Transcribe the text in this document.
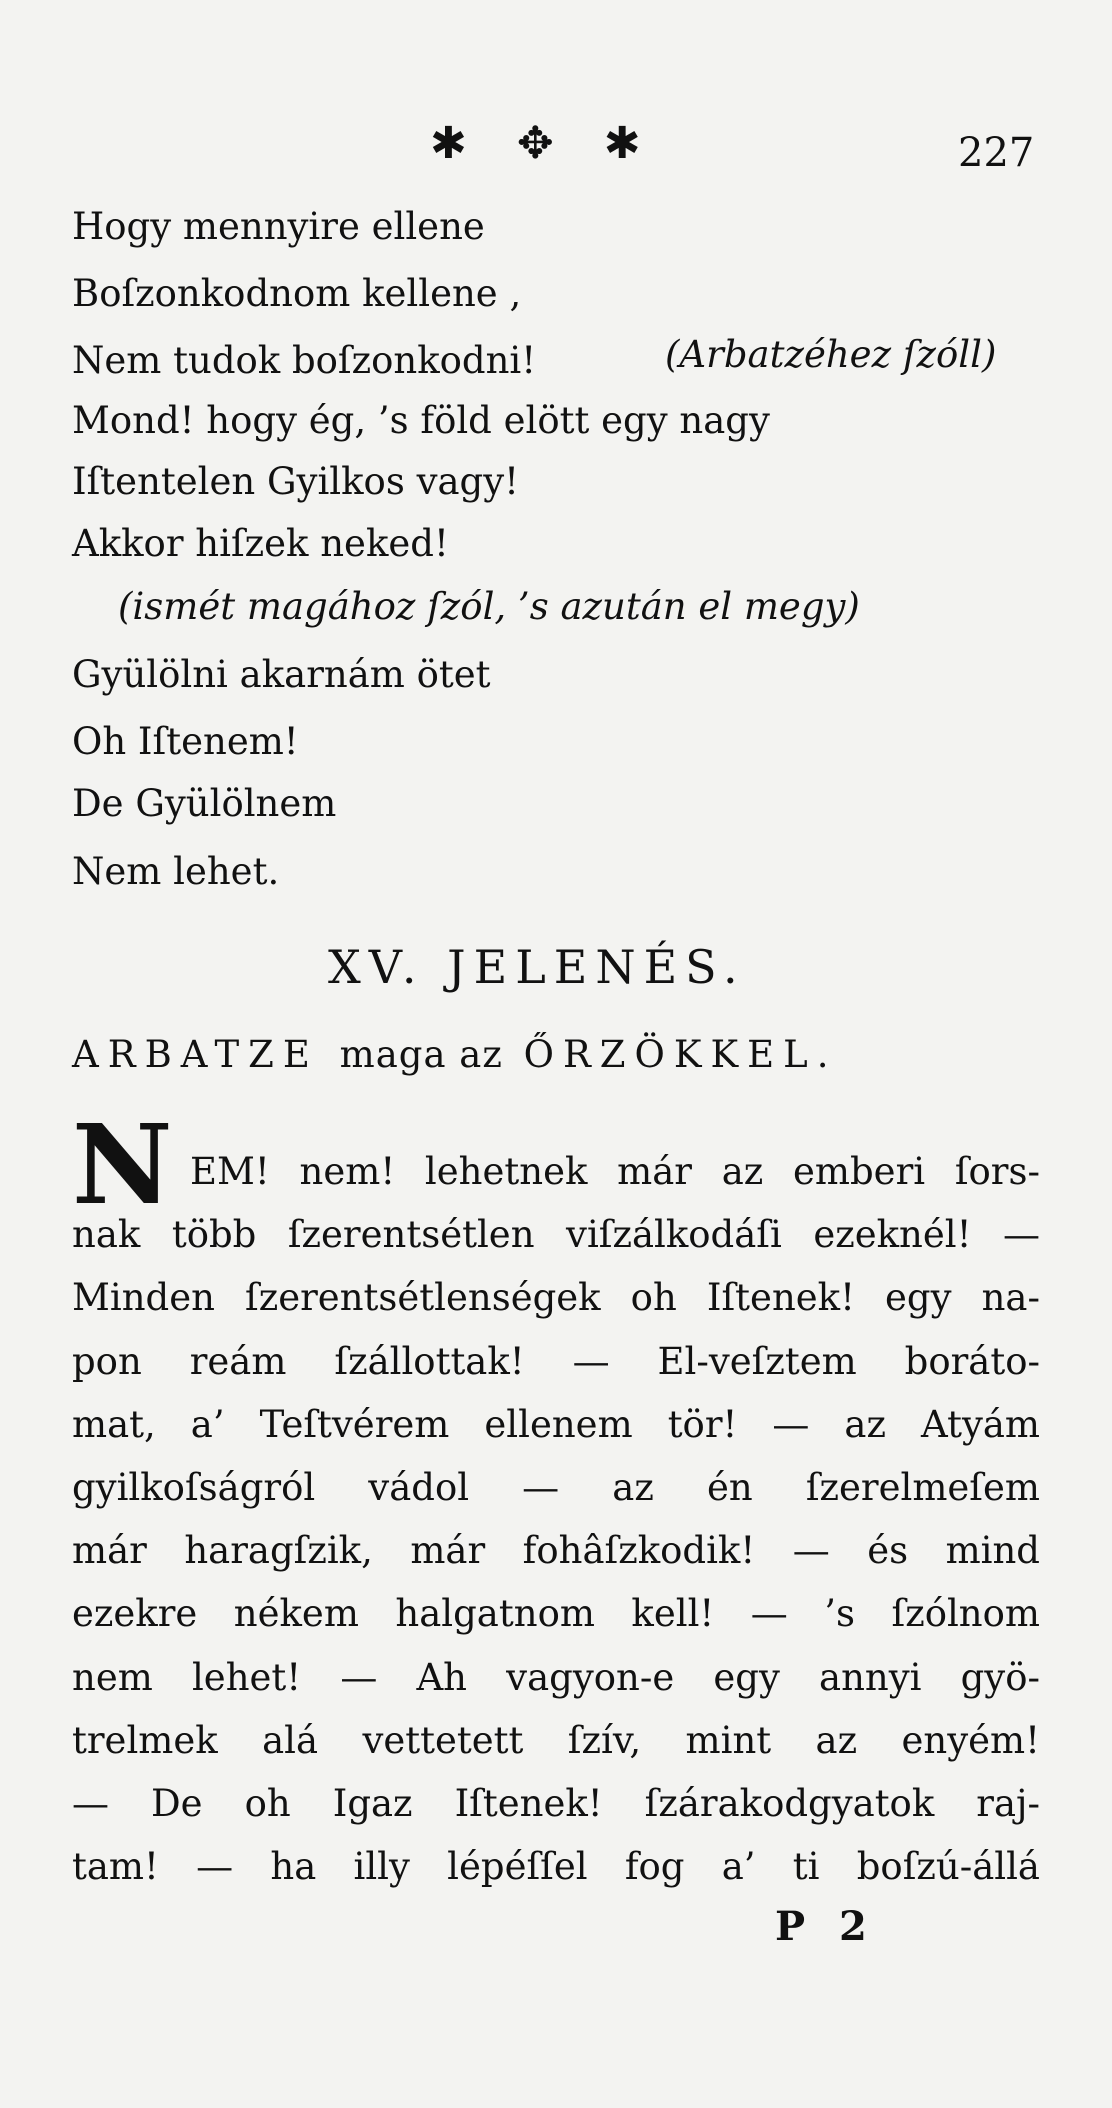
✱ ✥ ✱	227
Hogy mennyire ellene
Boſzonkodnom kellene ,
Nem tudok boſzonkodni!	(Arbatzéhez ſzóll)
Mond! hogy ég, ’s föld elött egy nagy
Iſtentelen Gyilkos vagy!
Akkor hiſzek neked!
(ismét magához ſzól, ’s azután el megy)
Gyülölni akarnám ötet
Oh Iſtenem!
De Gyülölnem
Nem lehet.
XV. JELENÉS.
ARBATZE maga az ŐRZÖKKEL.
N EM! nem! lehetnek már az emberi ſors-
nak több ſzerentsétlen viſzálkodáſi ezeknél! —
Minden ſzerentsétlenségek oh Iſtenek! egy na-
pon reám ſzállottak! — El-veſztem boráto-
mat, a’ Teſtvérem ellenem tör! — az Atyám
gyilkoſságról vádol — az én ſzerelmeſem
már haragſzik, már fohâſzkodik! — és mind
ezekre nékem halgatnom kell! — ’s ſzólnom
nem lehet! — Ah vagyon-e egy annyi gyö-
trelmek alá vettetett ſzív, mint az enyém!
— De oh Igaz Iſtenek! ſzárakodgyatok raj-
tam! — ha illy lépéſſel fog a’ ti boſzú-állá
P 2
